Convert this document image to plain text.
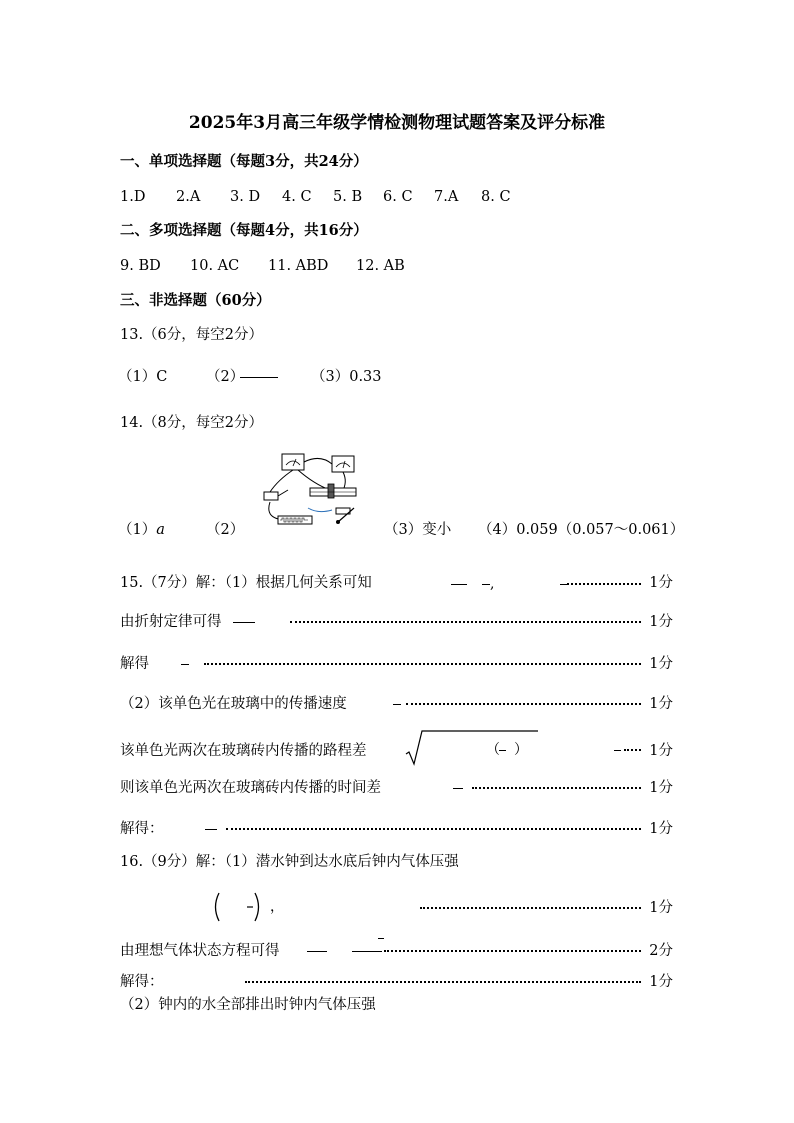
2025年3月高三年级学情检测物理试题答案及评分标准
一、单项选择题（每题3分，共24分）
1.D 2.A 3. D 4. C 5. B 6. C 7.A 8. C
二、多项选择题（每题4分，共16分）
9. BD 10. AC 11. ABD 12. AB
三、非选择题（60分）
13.（6分，每空2分）
（1）C	（2）	（3）0.33
14.（8分，每空2分）
（1）a	（2）	（3）变小 （4）0.059（0.057～0.061）
15.（7分）解：（1）根据几何关系可知	,	1分
由折射定律可得	1分
解得	1分
（2）该单色光在玻璃中的传播速度	1分
该单色光两次在玻璃砖内传播的路程差	（ ）	1分
则该单色光两次在玻璃砖内传播的时间差	1分
解得：	1分
16.（9分）解：（1）潜水钟到达水底后钟内气体压强
，	1分
由理想气体状态方程可得	2分
解得：	1分
（2）钟内的水全部排出时钟内气体压强
